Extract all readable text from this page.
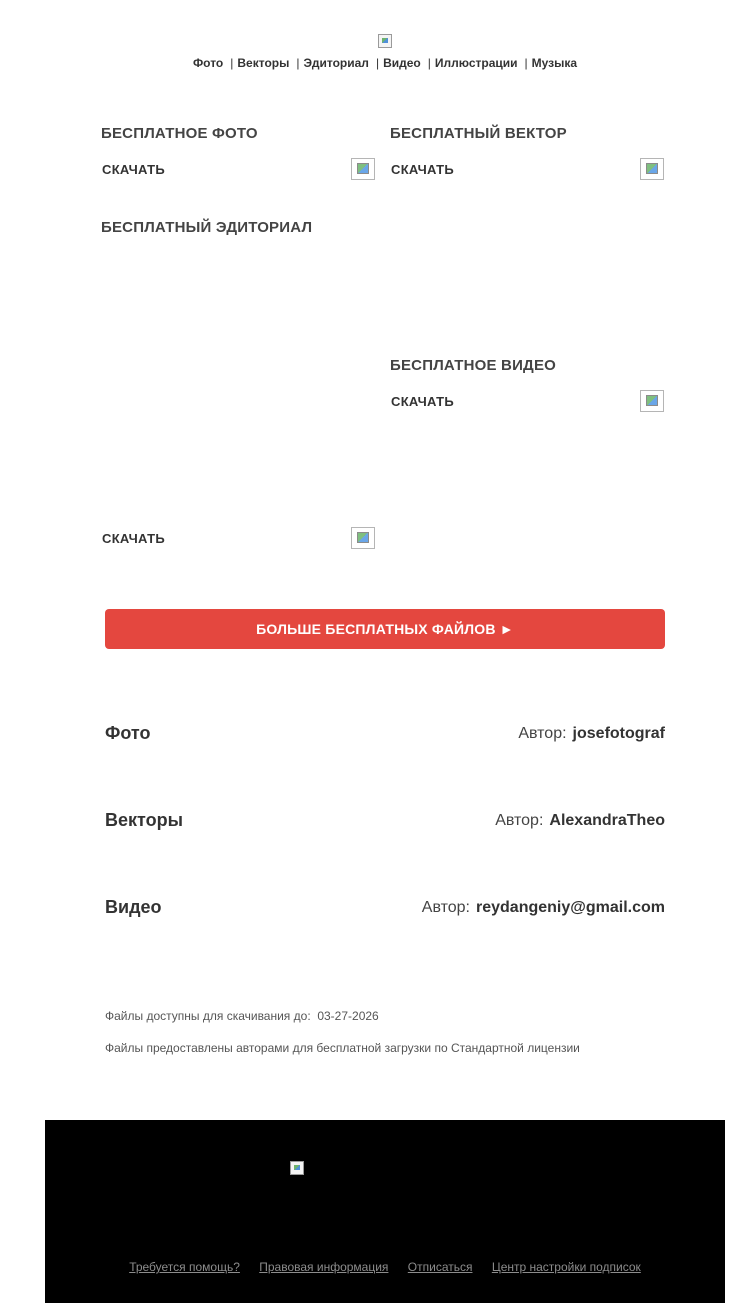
Фото | Векторы | Эдиториал | Видео | Иллюстрации | Музыка
БЕСПЛАТНОЕ ФОТО
СКАЧАТЬ
БЕСПЛАТНЫЙ ВЕКТОР
СКАЧАТЬ
БЕСПЛАТНЫЙ ЭДИТОРИАЛ
СКАЧАТЬ
БЕСПЛАТНОЕ ВИДЕО
СКАЧАТЬ
БОЛЬШЕ БЕСПЛАТНЫХ ФАЙЛОВ ►
Фото	Автор: josefotograf
Векторы	Автор: AlexandraTheo
Видео	Автор: reydangeniy@gmail.com
Файлы доступны для скачивания до: 03-27-2026
Файлы предоставлены авторами для бесплатной загрузки по Стандартной лицензии
Требуется помощь? Правовая информация Отписаться Центр настройки подписок
